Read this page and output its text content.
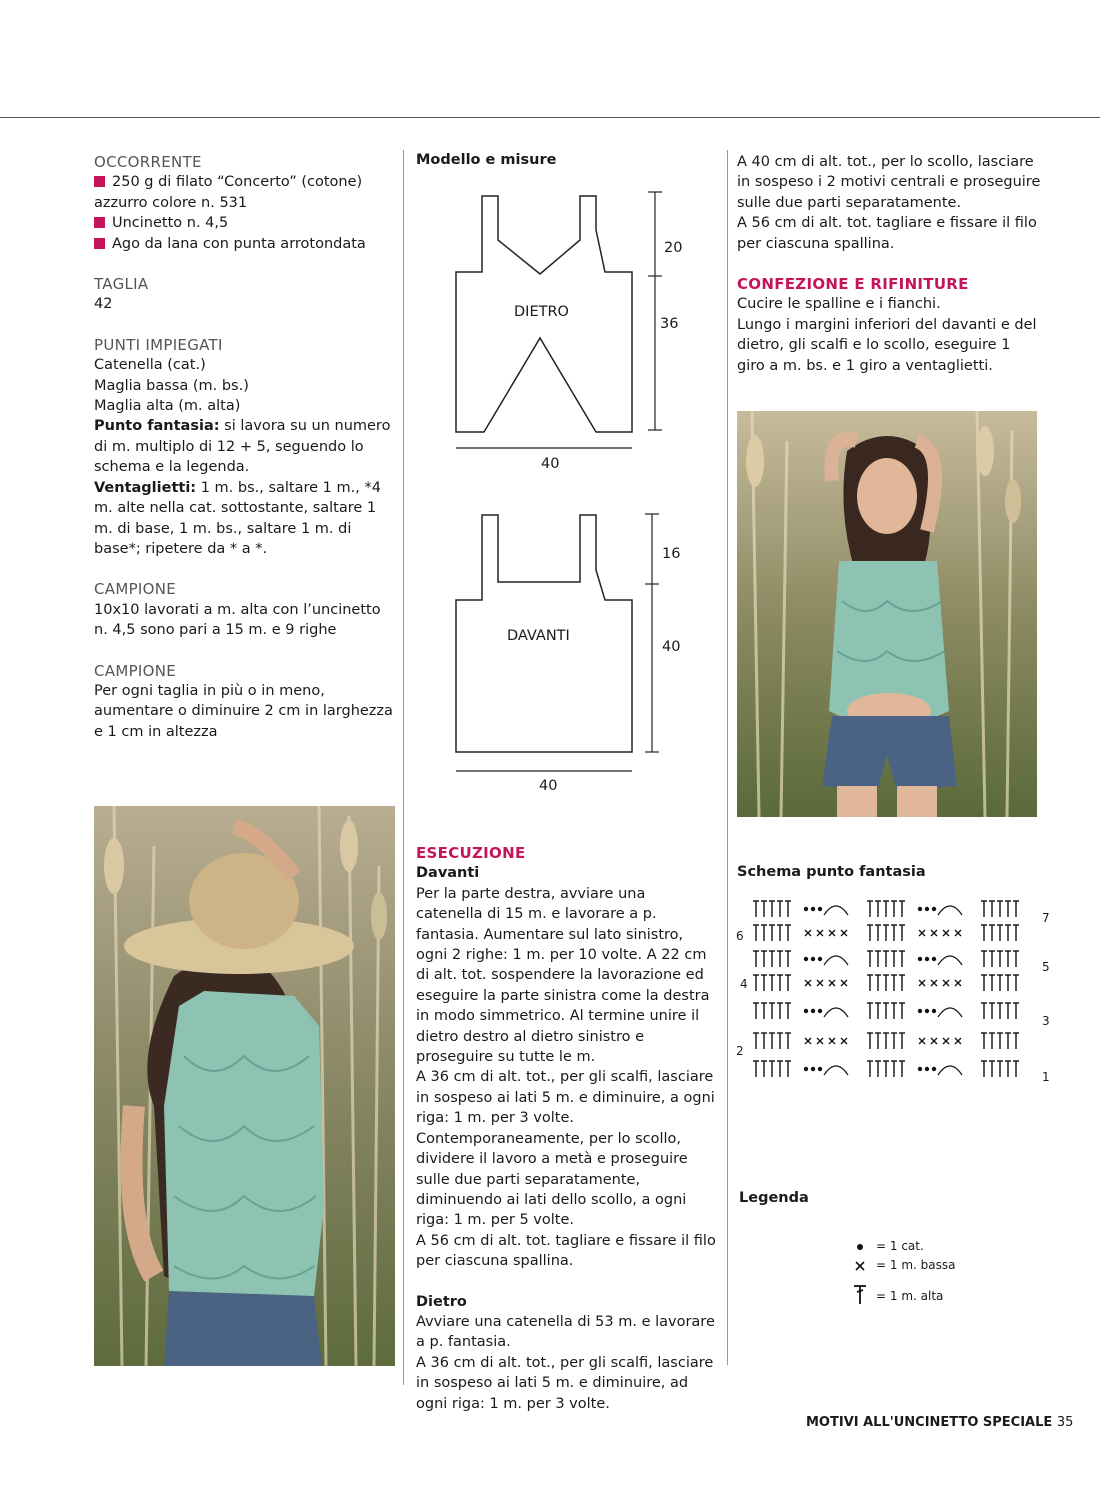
OCCORRENTE

250 g di filato “Concerto” (cotone) azzurro colore n. 531

Uncinetto n. 4,5

Ago da lana con punta arrotondata

TAGLIA

42

PUNTI IMPIEGATI

Catenella (cat.)

Maglia bassa (m. bs.)

Maglia alta (m. alta)

Punto fantasia: si lavora su un numero di m. multiplo di 12 + 5, seguendo lo schema e la legenda.

Ventaglietti: 1 m. bs., saltare 1 m., *4 m. alte nella cat. sottostante, saltare 1 m. di base, 1 m. bs., saltare 1 m. di base*; ripetere da * a *.

CAMPIONE

10x10 lavorati a m. alta con l’uncinetto n. 4,5 sono pari a 15 m. e 9 righe

CAMPIONE

Per ogni taglia in più o in meno, aumentare o diminuire 2 cm in larghezza e 1 cm in altezza

Modello e misure
DIETRO
20
36
40
DAVANTI
16
40
40

ESECUZIONE

Davanti

Per la parte destra, avviare una catenella di 15 m. e lavorare a p. fantasia. Aumentare sul lato sinistro, ogni 2 righe: 1 m. per 10 volte. A 22 cm di alt. tot. sospendere la lavorazione ed eseguire la parte sinistra come la destra in modo simmetrico. Al termine unire il dietro destro al dietro sinistro e proseguire su tutte le m.

A 36 cm di alt. tot., per gli scalfi, lasciare in sospeso ai lati 5 m. e diminuire, a ogni riga: 1 m. per 3 volte. Contemporaneamente, per lo scollo, dividere il lavoro a metà e proseguire sulle due parti separatamente, diminuendo ai lati dello scollo, a ogni riga: 1 m. per 5 volte.

A 56 cm di alt. tot. tagliare e fissare il filo per ciascuna spallina.

Dietro

Avviare una catenella di 53 m. e lavorare a p. fantasia.

A 36 cm di alt. tot., per gli scalfi, lasciare in sospeso ai lati 5 m. e diminuire, ad ogni riga: 1 m. per 3 volte.

A 40 cm di alt. tot., per lo scollo, lasciare in sospeso i 2 motivi centrali e proseguire sulle due parti separatamente.

A 56 cm di alt. tot. tagliare e fissare il filo per ciascuna spallina.

CONFEZIONE E RIFINITURE

Cucire le spalline e i fianchi.

Lungo i margini inferiori del davanti e del dietro, gli scalfi e lo scollo, eseguire 1 giro a m. bs. e 1 giro a ventaglietti.

Schema punto fantasia
7
6
5
4
3
2
1
Legenda
= 1 cat.
= 1 m. bassa
= 1 m. alta
MOTIVI ALL'UNCINETTO SPECIALE 35
